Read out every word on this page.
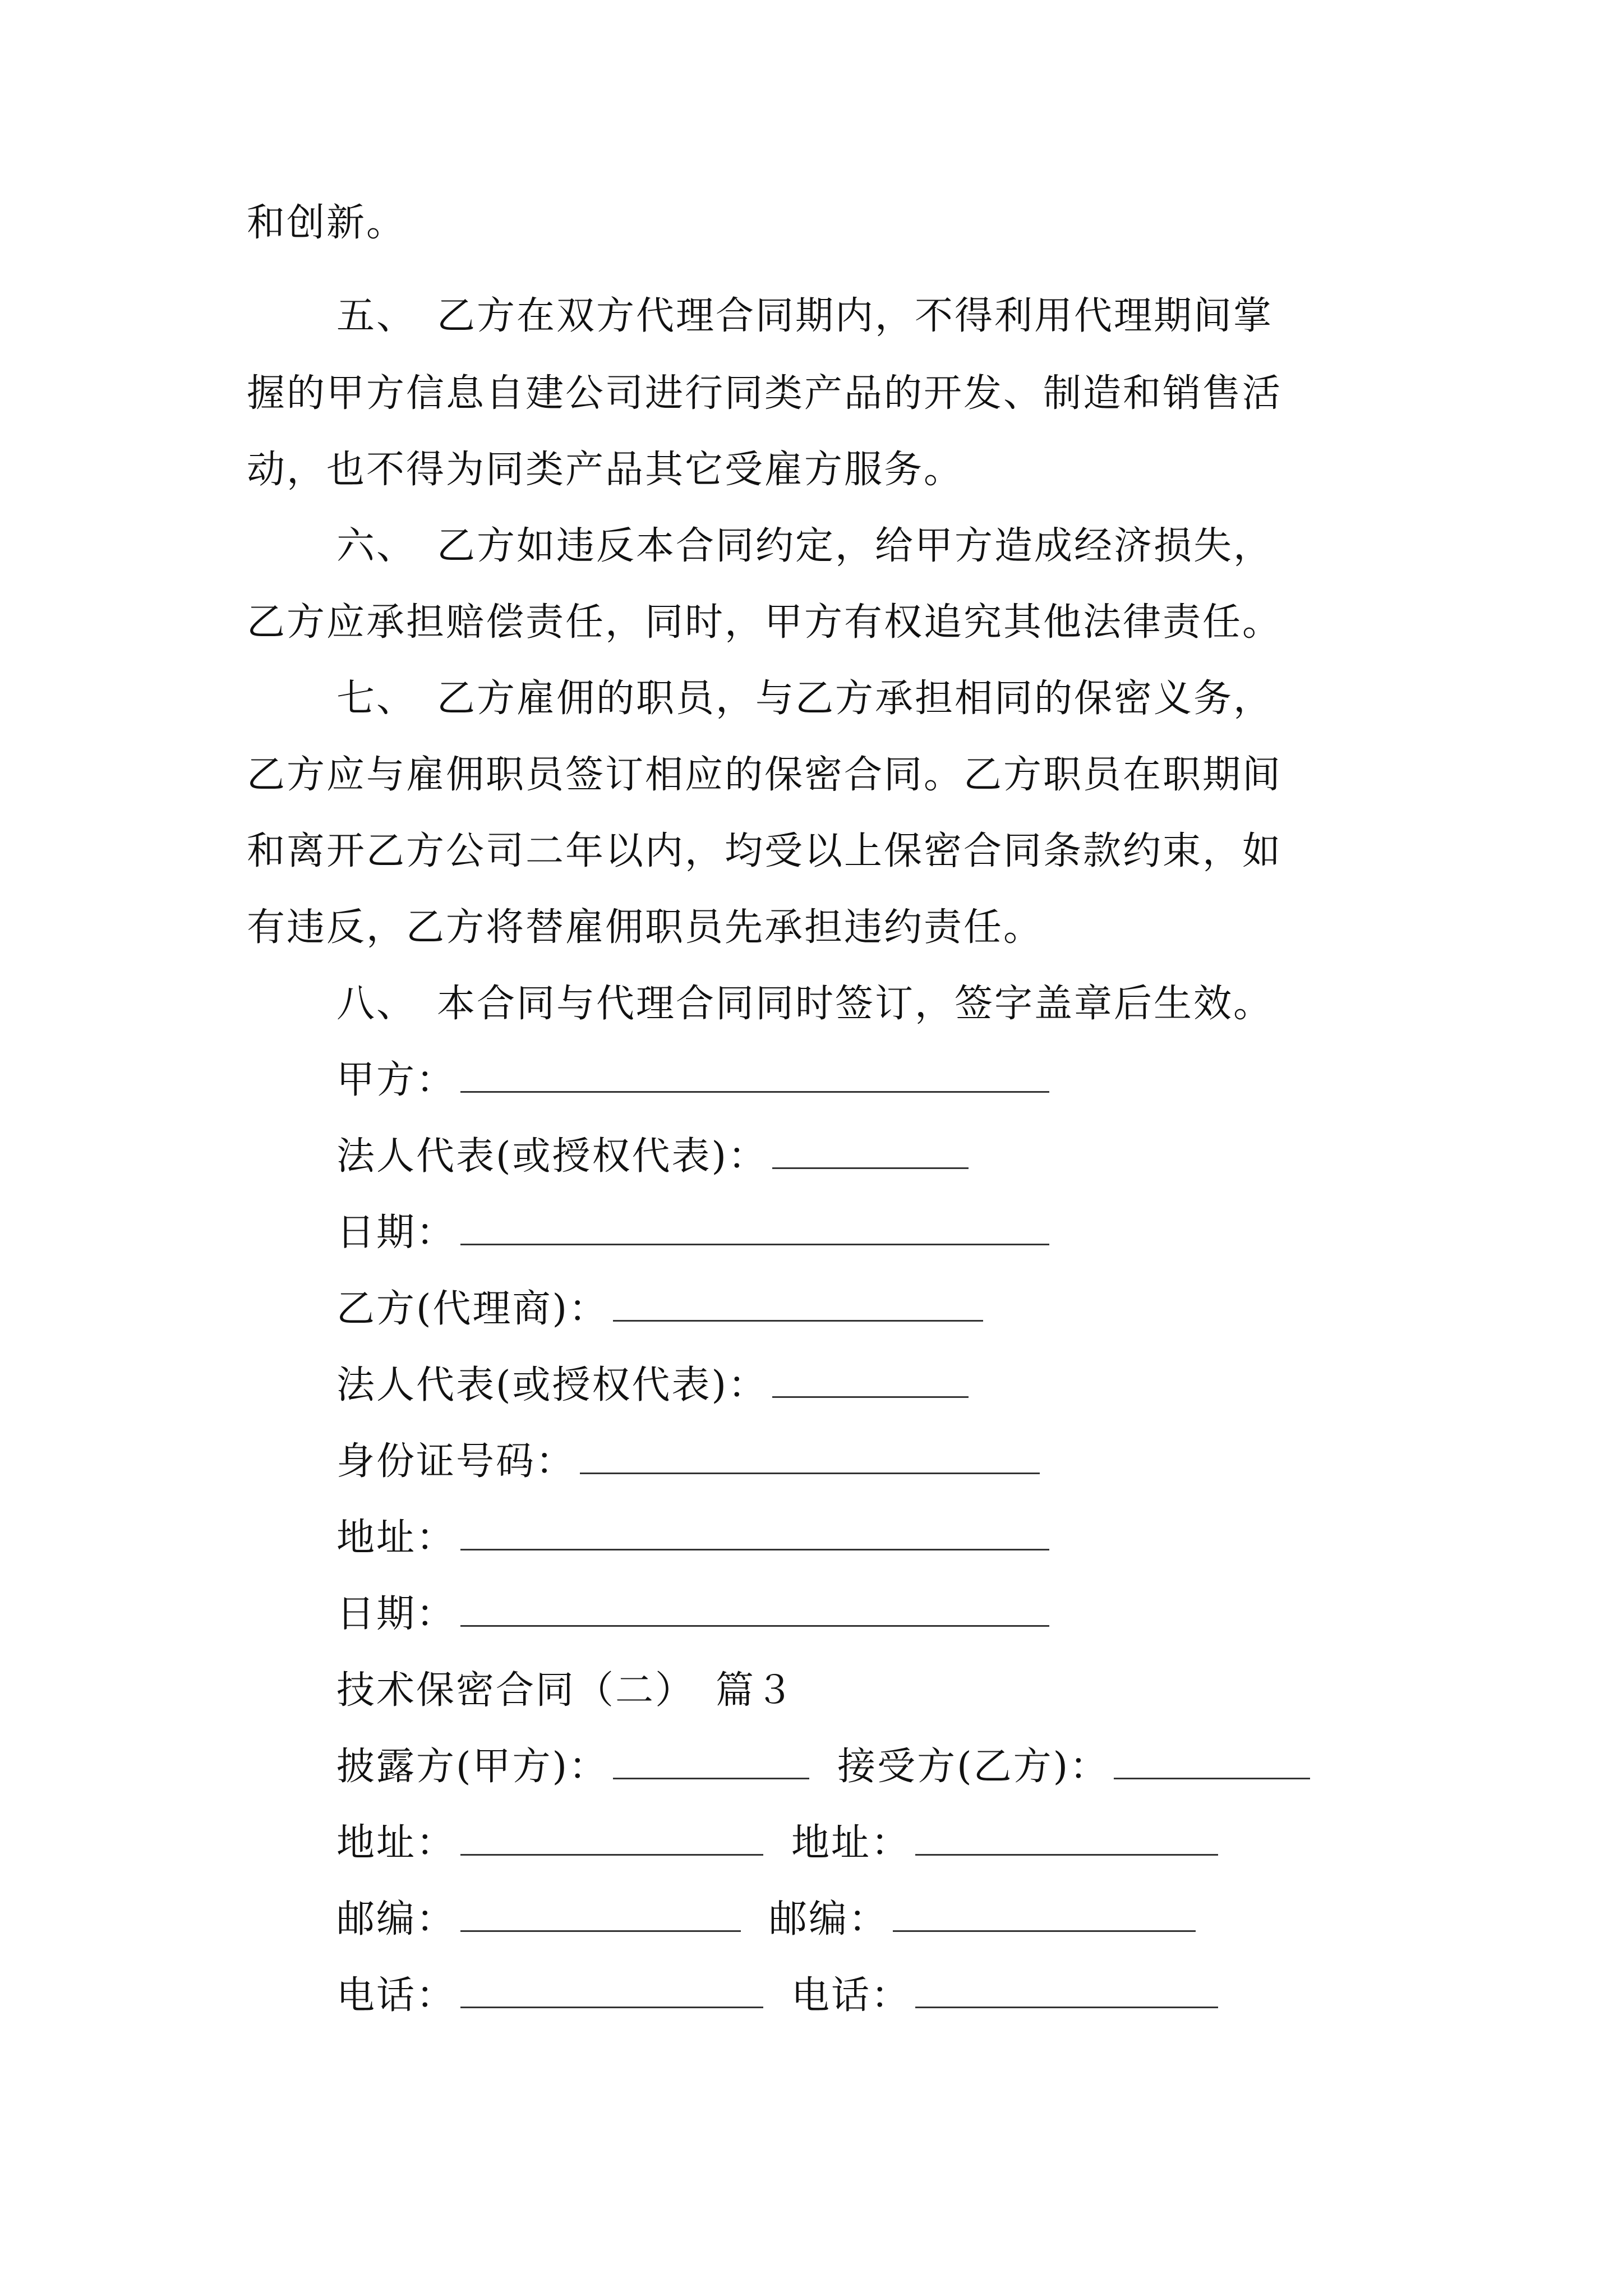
和创新。

五、　乙方在双方代理合同期内，不得利用代理期间掌

握的甲方信息自建公司进行同类产品的开发、制造和销售活

动，也不得为同类产品其它受雇方服务。

六、　乙方如违反本合同约定，给甲方造成经济损失，

乙方应承担赔偿责任，同时，甲方有权追究其他法律责任。

七、　乙方雇佣的职员，与乙方承担相同的保密义务，

乙方应与雇佣职员签订相应的保密合同。乙方职员在职期间

和离开乙方公司二年以内，均受以上保密合同条款约束，如

有违反，乙方将替雇佣职员先承担违约责任。

八、　本合同与代理合同同时签订，签字盖章后生效。

甲方：

法人代表(或授权代表)：

日期：

乙方(代理商)：

法人代表(或授权代表)：

身份证号码：

地址：

日期：

技术保密合同（二）　篇３

披露方(甲方)：	接受方(乙方)：

地址：	地址：

邮编：	邮编：

电话：	电话：
